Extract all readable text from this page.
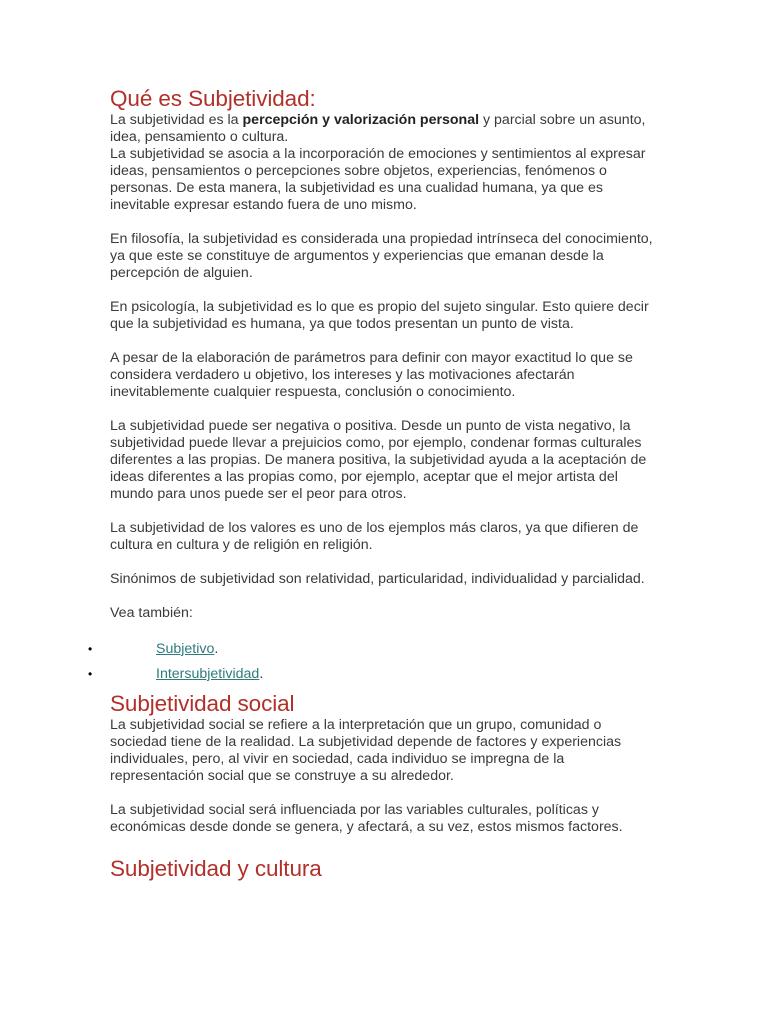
Qué es Subjetividad:

La subjetividad es la percepción y valorización personal y parcial sobre un asunto, idea, pensamiento o cultura.

La subjetividad se asocia a la incorporación de emociones y sentimientos al expresar ideas, pensamientos o percepciones sobre objetos, experiencias, fenómenos o personas. De esta manera, la subjetividad es una cualidad humana, ya que es inevitable expresar estando fuera de uno mismo.

En filosofía, la subjetividad es considerada una propiedad intrínseca del conocimiento, ya que este se constituye de argumentos y experiencias que emanan desde la percepción de alguien.

En psicología, la subjetividad es lo que es propio del sujeto singular. Esto quiere decir que la subjetividad es humana, ya que todos presentan un punto de vista.

A pesar de la elaboración de parámetros para definir con mayor exactitud lo que se considera verdadero u objetivo, los intereses y las motivaciones afectarán inevitablemente cualquier respuesta, conclusión o conocimiento.

La subjetividad puede ser negativa o positiva. Desde un punto de vista negativo, la subjetividad puede llevar a prejuicios como, por ejemplo, condenar formas culturales diferentes a las propias. De manera positiva, la subjetividad ayuda a la aceptación de ideas diferentes a las propias como, por ejemplo, aceptar que el mejor artista del mundo para unos puede ser el peor para otros.

La subjetividad de los valores es uno de los ejemplos más claros, ya que difieren de cultura en cultura y de religión en religión.

Sinónimos de subjetividad son relatividad, particularidad, individualidad y parcialidad.

Vea también:

•	Subjetivo.
•	Intersubjetividad.
Subjetividad social

La subjetividad social se refiere a la interpretación que un grupo, comunidad o sociedad tiene de la realidad. La subjetividad depende de factores y experiencias individuales, pero, al vivir en sociedad, cada individuo se impregna de la representación social que se construye a su alrededor.

La subjetividad social será influenciada por las variables culturales, políticas y económicas desde donde se genera, y afectará, a su vez, estos mismos factores.

Subjetividad y cultura
